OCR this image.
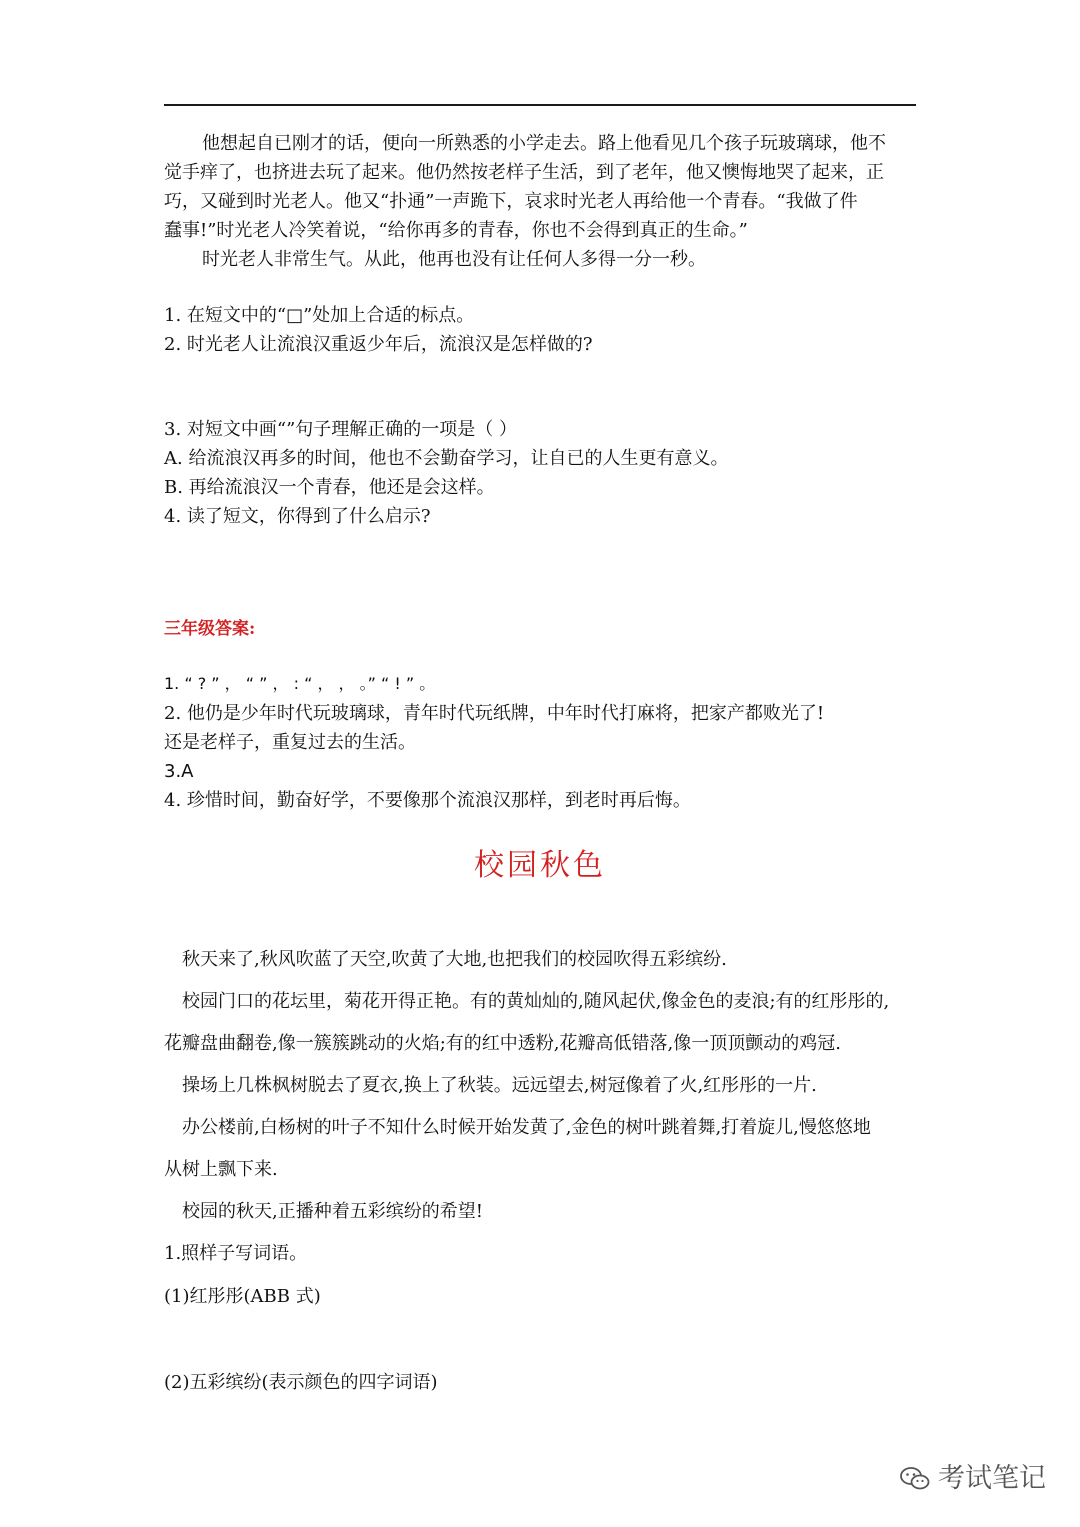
他想起自已刚才的话，便向一所熟悉的小学走去。路上他看见几个孩子玩玻璃球，他不
觉手痒了，也挤进去玩了起来。他仍然按老样子生活，到了老年，他又懊悔地哭了起来，正
巧，又碰到时光老人。他又“扑通”一声跪下，哀求时光老人再给他一个青春。“我做了件
蠢事!”时光老人冷笑着说，“给你再多的青春，你也不会得到真正的生命。”
时光老人非常生气。从此，他再也没有让任何人多得一分一秒。
1. 在短文中的“□”处加上合适的标点。
2. 时光老人让流浪汉重返少年后，流浪汉是怎样做的?
3. 对短文中画“”句子理解正确的一项是（ ）
A. 给流浪汉再多的时间，他也不会勤奋学习，让自已的人生更有意义。
B. 再给流浪汉一个青春，他还是会这样。
4. 读了短文，你得到了什么启示?
三年级答案:
1. “ ? ” ， “ ” ， : “ ， ， 。” “ ! ” 。
2. 他仍是少年时代玩玻璃球，青年时代玩纸牌，中年时代打麻将，把家产都败光了!
还是老样子，重复过去的生活。
3.A
4. 珍惜时间，勤奋好学，不要像那个流浪汉那样，到老时再后悔。
校园秋色
秋天来了,秋风吹蓝了天空,吹黄了大地,也把我们的校园吹得五彩缤纷.
校园门口的花坛里，菊花开得正艳。有的黄灿灿的,随风起伏,像金色的麦浪;有的红彤彤的,
花瓣盘曲翻卷,像一簇簇跳动的火焰;有的红中透粉,花瓣高低错落,像一顶顶颤动的鸡冠.
操场上几株枫树脱去了夏衣,换上了秋装。远远望去,树冠像着了火,红彤彤的一片.
办公楼前,白杨树的叶子不知什么时候开始发黄了,金色的树叶跳着舞,打着旋儿,慢悠悠地
从树上飘下来.
校园的秋天,正播种着五彩缤纷的希望!
1.照样子写词语。
(1)红彤彤(ABB 式)
(2)五彩缤纷(表示颜色的四字词语)
考试笔记
